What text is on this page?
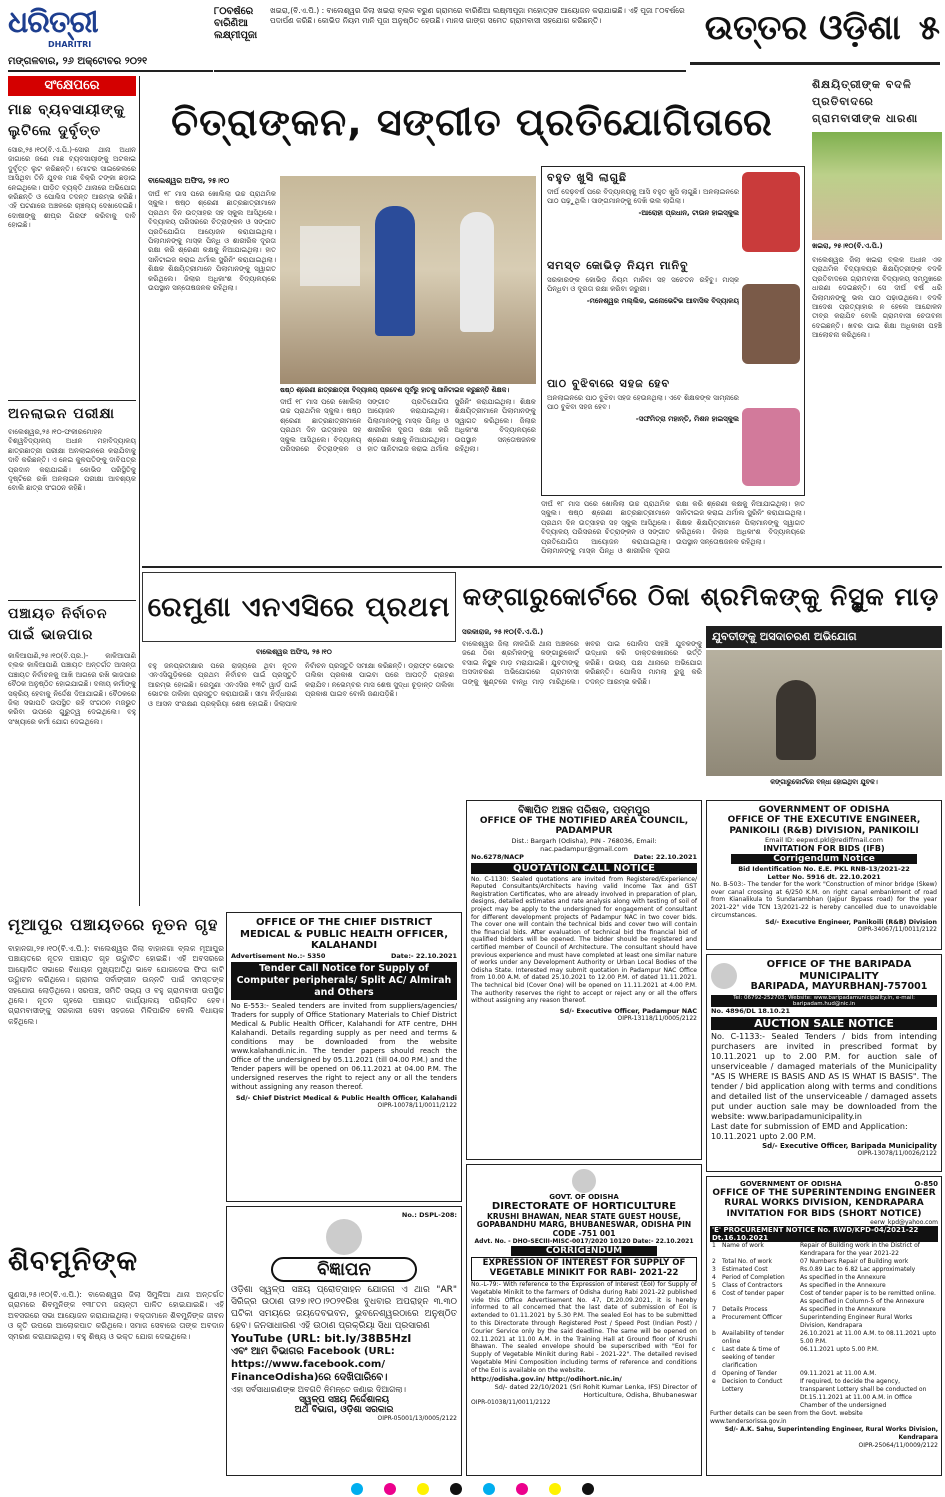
ଧରିତ୍ରୀ
DHARITRI
ମଙ୍ଗଳବାର, ୨୬ ଅକ୍ଟୋବର ୨୦୨୧
୮୦ବର୍ଷରେ ବାରିଣିଆ ଲକ୍ଷ୍ମୀପୂଜା
ଖଇରା,(ବି.ଏ.ପି.) : ବାଲେଶ୍ୱର ଜିଲା ଖଇରା ବ୍ଲକ ବରୁଣ ଗ୍ରାମରେ ବାରିଣିଆ ଲକ୍ଷ୍ମୀପୂଜା ମହୋତ୍ସବ ଆୟୋଜନ କରାଯାଇଛି। ଏହି ପୂଜା ୮୦ବର୍ଷରେ ପଦାର୍ପଣ କରିଛି। କୋଭିଡ ନିୟମ ମାନି ପୂଜା ଅନୁଷ୍ଠିତ ହେଉଛି। ମାନସ ଗାଙ୍ଗ ସମେତ ଗ୍ରାମବାସୀ ସହଯୋଗ କରିଛନ୍ତି।	ଉତ୍ତର ଓଡ଼ିଶା ୫
ସଂକ୍ଷେପରେ
ମାଛ ବ୍ୟବସାୟୀଙ୍କୁ ଲୁଟିଲେ ଦୁର୍ବୃତ୍ତ
ସୋର,୨୫।୧୦(ବି.ଏ.ପି.)-ସୋର ଥାନା ଅଧୀନ ଜାଗାରେ ଜଣେ ମାଛ ବ୍ୟବସାୟୀଙ୍କୁ ଅଟକାଇ ଦୁର୍ବୃତ୍ତ ଲୁଟ କରିଛନ୍ତି। ମୋଟର ସାଇକେଲରେ ଆସିଥିବା ତିନି ଯୁବକ ମାଛ ବିକ୍ରି ଟଙ୍କା ଛଡ଼ାଇ ନେଇଥିଲେ। ପୀଡ଼ିତ ବ୍ୟକ୍ତି ଥାନାରେ ଅଭିଯୋଗ କରିଛନ୍ତି ଓ ପୋଲିସ ତଦନ୍ତ ଆରମ୍ଭ କରିଛି। ଏହି ଘଟଣାରେ ଅଞ୍ଚଳରେ ଚାଞ୍ଚଲ୍ୟ ଦେଖାଦେଇଛି। ଦୋଷୀଙ୍କୁ ଶୀଘ୍ର ଗିରଫ କରିବାକୁ ଦାବି ହୋଇଛି।
ଅନଲାଇନ ପରୀକ୍ଷା
ବାଲେଶ୍ୱର,୨୫।୧୦-ଫକୀରମୋହନ ବିଶ୍ୱବିଦ୍ୟାଳୟ ଅଧୀନ ମହାବିଦ୍ୟାଳୟ ଛାତ୍ରଛାତ୍ରୀ ପରୀକ୍ଷା ଅନଲାଇନରେ କରାଯିବାକୁ ଦାବି କରିଛନ୍ତି। ଏ ନେଇ କୁଳପତିଙ୍କୁ ଦାବିପତ୍ର ପ୍ରଦାନ କରାଯାଇଛି। କୋଭିଡ ପରିସ୍ଥିତିକୁ ଦୃଷ୍ଟିରେ ରଖି ଅନଲାଇନ ପରୀକ୍ଷା ଆବଶ୍ୟକ ବୋଲି ଛାତ୍ର ସଂଗଠନ କହିଛି।
ପଞ୍ଚାୟତ ନିର୍ବାଚନ ପାଇଁ ଭାଜପାର
କାଳିଆପାଣି,୨୫।୧୦(ବି.ପ୍ର.)- କାଳିଆପାଣି ବ୍ଲକ କାଳିଆପାଣି ପଞ୍ଚାୟତ ଅନ୍ତର୍ଗତ ଆସନ୍ତା ପଞ୍ଚାୟତ ନିର୍ବାଚନକୁ ଆଖି ଆଗରେ ରଖି ଭାଜପାର ବୈଠକ ଅନୁଷ୍ଠିତ ହୋଇଯାଇଛି। ଦଳୀୟ କର୍ମୀଙ୍କୁ ସକ୍ରିୟ ହେବାକୁ ନିର୍ଦ୍ଦେଶ ଦିଆଯାଇଛି। ବୈଠକରେ ଜିଲା ସଭାପତି ଉପସ୍ଥିତ ରହି ସଂଗଠନ ମଜଭୁତ କରିବା ଉପରେ ଗୁରୁତ୍ୱ ଦେଇଥିଲେ। ବହୁ ସଂଖ୍ୟାରେ କର୍ମୀ ଯୋଗ ଦେଇଥିଲେ।
ଚିତ୍ରାଙ୍କନ, ସଙ୍ଗୀତ ପ୍ରତିଯୋଗିତାରେ
ବାଲେଶ୍ୱର ଅଫିସ, ୨୫।୧୦
ଦୀର୍ଘ ୧୮ ମାସ ପରେ ଖୋଲିଲା ଉଚ୍ଚ ପ୍ରାଥମିକ ସ୍କୁଲ। ଷଷ୍ଠ ଶ୍ରେଣୀ ଛାତ୍ରଛାତ୍ରୀମାନେ ପ୍ରଥମ ଦିନ ଉତ୍ସାହର ସହ ସ୍କୁଲ ଆସିଥିଲେ। ବିଦ୍ୟାଳୟ ପରିସରରେ ଚିତ୍ରାଙ୍କନ ଓ ସଙ୍ଗୀତ ପ୍ରତିଯୋଗିତା ଆୟୋଜନ କରାଯାଇଥିଲା। ପିଲାମାନଙ୍କୁ ମାସ୍କ ପିନ୍ଧି ଓ ଶାରୀରିକ ଦୂରତା ରକ୍ଷା କରି ଶ୍ରେଣୀ କକ୍ଷକୁ ନିଆଯାଇଥିଲା। ହାତ ସାନିଟାଇଜ କରାଇ ଥର୍ମାଲ ସ୍କ୍ରିନିଂ କରାଯାଇଥିଲା। ଶିକ୍ଷକ ଶିକ୍ଷୟିତ୍ରୀମାନେ ପିଲାମାନଙ୍କୁ ସ୍ୱାଗତ କରିଥିଲେ। ଜିଲାର ଅଧିକାଂଶ ବିଦ୍ୟାଳୟରେ ଉପସ୍ଥାନ ସନ୍ତୋଷଜନକ ରହିଥିଲା।
ଷଷ୍ଠ ଶ୍ରେଣୀ ଛାତ୍ରଛାତ୍ରୀ ବିଦ୍ୟାଳୟ ପ୍ରବେଶ ପୂର୍ବରୁ ହାତକୁ ସାନିଟାଇଜ କରୁଛନ୍ତି ଶିକ୍ଷକ।
ଦୀର୍ଘ ୧୮ ମାସ ପରେ ଖୋଲିଲା ଉଚ୍ଚ ପ୍ରାଥମିକ ସ୍କୁଲ। ଷଷ୍ଠ ଶ୍ରେଣୀ ଛାତ୍ରଛାତ୍ରୀମାନେ ପ୍ରଥମ ଦିନ ଉତ୍ସାହର ସହ ସ୍କୁଲ ଆସିଥିଲେ। ବିଦ୍ୟାଳୟ ପରିସରରେ ଚିତ୍ରାଙ୍କନ ଓ ସଙ୍ଗୀତ ପ୍ରତିଯୋଗିତା ଆୟୋଜନ କରାଯାଇଥିଲା। ପିଲାମାନଙ୍କୁ ମାସ୍କ ପିନ୍ଧି ଓ ଶାରୀରିକ ଦୂରତା ରକ୍ଷା କରି ଶ୍ରେଣୀ କକ୍ଷକୁ ନିଆଯାଇଥିଲା। ହାତ ସାନିଟାଇଜ କରାଇ ଥର୍ମାଲ ସ୍କ୍ରିନିଂ କରାଯାଇଥିଲା। ଶିକ୍ଷକ ଶିକ୍ଷୟିତ୍ରୀମାନେ ପିଲାମାନଙ୍କୁ ସ୍ୱାଗତ କରିଥିଲେ। ଜିଲାର ଅଧିକାଂଶ ବିଦ୍ୟାଳୟରେ ଉପସ୍ଥାନ ସନ୍ତୋଷଜନକ ରହିଥିଲା।
ବହୁତ ଖୁସି ଲାଗୁଛି
ଦୀର୍ଘ ଦେଢ଼ବର୍ଷ ପରେ ବିଦ୍ୟାଳୟକୁ ଆସି ବହୁତ ଖୁସି ଲାଗୁଛି। ଅନଲାଇନରେ ପାଠ ପଢ଼ୁଥିଲି। ସାଙ୍ଗମାନଙ୍କୁ ଦେଖି ଭଲ ଲାଗିଲା।
-ଆରୋହୀ ପ୍ରଧାନ, ଟାଉନ ହାଇସ୍କୁଲ
ସମସ୍ତ କୋଭିଡ଼ ନିୟମ ମାନିବୁ
ସରକାରଙ୍କ କୋଭିଡ଼ ନିୟମ ମାନିବା ସହ ସଚେତନ ରହିବୁ। ମାସ୍କ ପିନ୍ଧିବା ଓ ଦୂରତା ରକ୍ଷା କରିବା ଜରୁରୀ।
-ମନେଶ୍ୱର ମଲ୍ଲିକ, ଇନୋଭେଟିଭ ଆବାସିକ ବିଦ୍ୟାଳୟ
ପାଠ ବୁଝିବାରେ ସହଜ ହେବ
ଅନଲାଇନରେ ପାଠ ବୁଝିବା ସହଜ ହେଉନଥିଲା। ଏବେ ଶିକ୍ଷକଙ୍କ ସାମ୍ନାରେ ପାଠ ବୁଝିବା ସହଜ ହେବ।
-ସଙ୍ଘମିତ୍ରା ମହାନ୍ତି, ମିଶନ ହାଇସ୍କୁଲ
ଦୀର୍ଘ ୧୮ ମାସ ପରେ ଖୋଲିଲା ଉଚ୍ଚ ପ୍ରାଥମିକ ସ୍କୁଲ। ଷଷ୍ଠ ଶ୍ରେଣୀ ଛାତ୍ରଛାତ୍ରୀମାନେ ପ୍ରଥମ ଦିନ ଉତ୍ସାହର ସହ ସ୍କୁଲ ଆସିଥିଲେ। ବିଦ୍ୟାଳୟ ପରିସରରେ ଚିତ୍ରାଙ୍କନ ଓ ସଙ୍ଗୀତ ପ୍ରତିଯୋଗିତା ଆୟୋଜନ କରାଯାଇଥିଲା। ପିଲାମାନଙ୍କୁ ମାସ୍କ ପିନ୍ଧି ଓ ଶାରୀରିକ ଦୂରତା ରକ୍ଷା କରି ଶ୍ରେଣୀ କକ୍ଷକୁ ନିଆଯାଇଥିଲା। ହାତ ସାନିଟାଇଜ କରାଇ ଥର୍ମାଲ ସ୍କ୍ରିନିଂ କରାଯାଇଥିଲା। ଶିକ୍ଷକ ଶିକ୍ଷୟିତ୍ରୀମାନେ ପିଲାମାନଙ୍କୁ ସ୍ୱାଗତ କରିଥିଲେ। ଜିଲାର ଅଧିକାଂଶ ବିଦ୍ୟାଳୟରେ ଉପସ୍ଥାନ ସନ୍ତୋଷଜନକ ରହିଥିଲା।
ଶିକ୍ଷୟିତ୍ରୀଙ୍କ ବଦଳି ପ୍ରତିବାଦରେ ଗ୍ରାମବାସୀଙ୍କ ଧାରଣା
ଖଇରା, ୨୫।୧୦(ବି.ଏ.ପି.)
ବାଲେଶ୍ୱର ଜିଲା ଖଇରା ବ୍ଲକ ଅଧୀନ ଏକ ପ୍ରାଥମିକ ବିଦ୍ୟାଳୟର ଶିକ୍ଷୟିତ୍ରୀଙ୍କ ବଦଳି ପ୍ରତିବାଦରେ ଗ୍ରାମବାସୀ ବିଦ୍ୟାଳୟ ସମ୍ମୁଖରେ ଧାରଣା ଦେଇଛନ୍ତି। ସେ ଦୀର୍ଘ ବର୍ଷ ଧରି ପିଲାମାନଙ୍କୁ ଭଲ ପାଠ ପଢ଼ାଉଥିଲେ। ବଦଳି ଆଦେଶ ପ୍ରତ୍ୟାହାର ନ ହେଲେ ଆନ୍ଦୋଳନ ତୀବ୍ର କରାଯିବ ବୋଲି ଗ୍ରାମବାସୀ ଚେତାବନୀ ଦେଇଛନ୍ତି। ଖବର ପାଇ ଶିକ୍ଷା ଅଧିକାରୀ ପହଞ୍ଚି ଆଲୋଚନା କରିଥିଲେ।
ରେମୁଣା ଏନଏସିରେ ପ୍ରଥମ
ବାଲେଶ୍ୱର ଅଫିସ, ୨୫।୧୦
ବହୁ ଜନପ୍ରତୀକ୍ଷାର ପରେ ରାଜ୍ୟରେ ଥିବା ନୂତନ ଏନଏସିଗୁଡ଼ିକରେ ପ୍ରଥମ ନିର୍ବାଚନ ପାଇଁ ପ୍ରସ୍ତୁତି ଆରମ୍ଭ ହୋଇଛି। ରେମୁଣା ଏନଏସିର ୧୩ଟି ୱାର୍ଡ ପାଇଁ ଭୋଟର ତାଲିକା ପ୍ରସ୍ତୁତ କରାଯାଉଛି। ସୀମା ନିର୍ଦ୍ଧାରଣ ଓ ଆସନ ସଂରକ୍ଷଣ ପ୍ରକ୍ରିୟା ଶେଷ ହୋଇଛି। ଜିଲାପାଳ ନିର୍ବାଚନ ପ୍ରସ୍ତୁତି ସମୀକ୍ଷା କରିଛନ୍ତି। ଡ୍ରାଫ୍ଟ ଭୋଟର ତାଲିକା ପ୍ରକାଶ ପାଇବା ପରେ ଆପତ୍ତି ଗ୍ରହଣ କରାଯିବ। ନଭେମ୍ବର ମାସ ଶେଷ ସୁଦ୍ଧା ଚୂଡ଼ାନ୍ତ ତାଲିକା ପ୍ରକାଶ ପାଇବ ବୋଲି ଜଣାପଡ଼ିଛି।
କଙ୍ଗାରୁକୋର୍ଟରେ ଠିକା ଶ୍ରମିକଙ୍କୁ ନିସ୍ଥୁକ ମାଡ଼
ସରକାରାଜ, ୨୫।୧୦(ବି.ଏ.ପି.)
ବାଲେଶ୍ୱର ଜିଲା ନୀଳଗିରି ଥାନା ଅଞ୍ଚଳରେ ଜଣେ ଠିକା ଶ୍ରମିକଙ୍କୁ କଙ୍ଗାରୁକୋର୍ଟ ବସାଇ ନିସ୍ଥୁକ ମାଡ଼ ମରାଯାଇଛି। ଯୁବତୀଙ୍କୁ ଅସଦାଚରଣ ଅଭିଯୋଗରେ ଗ୍ରାମବାସୀ ତାଙ୍କୁ ଖୁଣ୍ଟରେ ବାନ୍ଧି ମାଡ଼ ମାରିଥିଲେ। ଖବର ପାଇ ପୋଲିସ ପହଞ୍ଚି ଯୁବକଙ୍କୁ ଉଦ୍ଧାର କରି ଡାକ୍ତରଖାନାରେ ଭର୍ତ୍ତି କରିଛି। ଉଭୟ ପକ୍ଷ ଥାନାରେ ଅଭିଯୋଗ କରିଛନ୍ତି। ପୋଲିସ ମାମଲା ରୁଜୁ କରି ତଦନ୍ତ ଆରମ୍ଭ କରିଛି।
ଯୁବତୀଙ୍କୁ ଅସଦାଚରଣ ଅଭିଯୋଗ
କଙ୍ଗାରୁକୋର୍ଟରେ ବନ୍ଧା ହୋଇଥିବା ଯୁବକ।
ବିଜ୍ଞାପିତ ଅଞ୍ଚଳ ପରିଷଦ, ପଦ୍ମପୁର
OFFICE OF THE NOTIFIED AREA COUNCIL, PADAMPUR
Dist.: Bargarh (Odisha), PIN - 768036, Email: nac.padampur@gmail.com
No.6278/NACP	Date: 22.10.2021
QUOTATION CALL NOTICE
No. C-1130: Sealed quotations are invited from Registered/Experience/ Reputed Consultants/Architects having valid Income Tax and GST Registration Certificates, who are already involved in preparation of plan, designs, detailed estimates and rate analysis along with testing of soil of project may be apply to the undersigned for engagement of consultant for different development projects of Padampur NAC in two cover bids. The cover one will contain the technical bids and cover two will contain the financial bids. After evaluation of technical bid the financial bid of qualified bidders will be opened. The bidder should be registered and certified member of Council of Architecture. The consultant should have previous experience and must have completed at least one similar nature of works under any Development Authority or Urban Local Bodies of the Odisha State. Interested may submit quotation in Padampur NAC Office from 10.00 A.M. of dated 25.10.2021 to 12.00 P.M. of dated 11.11.2021. The technical bid (Cover One) will be opened on 11.11.2021 at 4.00 P.M. The authority reserves the right to accept or reject any or all the offers without assigning any reason thereof.
Sd/- Executive Officer, Padampur NAC
OIPR-13118/11/0005/2122
GOVERNMENT OF ODISHA
OFFICE OF THE EXECUTIVE ENGINEER, PANIKOILI (R&B) DIVISION, PANIKOILI
Email ID: eepwd.pkl@rediffmail.com
INVITATION FOR BIDS (IFB)
Corrigendum Notice
Bid Identification No. E.E. PKL RNB-13/2021-22
Letter No. 5916 dt. 22.10.2021
No. B-503:- The tender for the work "Construction of minor bridge (Skew) over canal crossing at 6/250 K.M. on right canal embankment of road from Kianalikula to Sundarambhan (Jajpur Bypass road) for the year 2021-22" vide TCN 13/2021-22 is hereby cancelled due to unavoidable circumstances.
Sd/- Executive Engineer, Panikoili (R&B) Division
OIPR-34067/11/0011/2122
OFFICE OF THE BARIPADA MUNICIPALITY
BARIPADA, MAYURBHANJ-757001
Tel: 06792-252703; Website: www.baripadamunicipality.in, e-mail: baripadam.hud@nic.in
No. 4896/DL 18.10.21
AUCTION SALE NOTICE
No. C-1133:- Sealed Tenders / bids from intending purchasers are invited in prescribed format by 10.11.2021 up to 2.00 P.M. for auction sale of unserviceable / damaged materials of the Municipality "AS IS WHERE IS BASIS AND AS IS WHAT IS BASIS". The tender / bid application along with terms and conditions and detailed list of the unserviceable / damaged assets put under auction sale may be downloaded from the website: www.baripadamunicipality.in
Last date for submission of EMD and Application: 10.11.2021 upto 2.00 P.M.
Sd/- Executive Officer, Baripada Municipality
OIPR-13078/11/0026/2122
ମୂଆପୁର ପଞ୍ଚାୟତରେ ନୂତନ ଗୃହ
ବାହାନଗା,୨୫।୧୦(ବି.ଏ.ପି.): ବାଲେଶ୍ୱର ଜିଲା ବାହାନଗା ବ୍ଲକ ମୂଆପୁର ପଞ୍ଚାୟତରେ ନୂତନ ପଞ୍ଚାୟତ ଗୃହ ଉଦ୍ଘାଟିତ ହୋଇଛି। ଏହି ଅବସରରେ ଆୟୋଜିତ ସଭାରେ ବିଧାୟକ ମୁଖ୍ୟଅତିଥି ଭାବେ ଯୋଗଦେଇ ଫିତା କାଟି ଉଦ୍ଘାଟନ କରିଥିଲେ। ଗ୍ରାମର ସର୍ବାଙ୍ଗୀନ ଉନ୍ନତି ପାଇଁ ସମସ୍ତଙ୍କ ସହଯୋଗ ଲୋଡ଼ିଥିଲେ। ସରପଞ୍ଚ, ସମିତି ସଭ୍ୟ ଓ ବହୁ ଗ୍ରାମବାସୀ ଉପସ୍ଥିତ ଥିଲେ। ନୂତନ ଗୃହରେ ପଞ୍ଚାୟତ କାର୍ଯ୍ୟାଳୟ ପରିଚାଳିତ ହେବ। ଗ୍ରାମବାସୀଙ୍କୁ ସରକାରୀ ସେବା ସହଜରେ ମିଳିପାରିବ ବୋଲି ବିଧାୟକ କହିଥିଲେ।
OFFICE OF THE CHIEF DISTRICT MEDICAL & PUBLIC HEALTH OFFICER, KALAHANDI
Advertisement No.:- 5350	Date:- 22.10.2021
Tender Call Notice for Supply of Computer peripherals/ Split AC/ Almirah and Others
No E-553:- Sealed tenders are invited from suppliers/agencies/ Traders for supply of Office Stationary Materials to Chief District Medical & Public Health Officer, Kalahandi for ATF centre, DHH Kalahandi. Details regarding supply as per need and terms & conditions may be downloaded from the website www.kalahandi.nic.in. The tender papers should reach the Office of the undersigned by 05.11.2021 (till 04.00 P.M.) and the Tender papers will be opened on 06.11.2021 at 04.00 P.M. The undersigned reserves the right to reject any or all the tenders without assigning any reason thereof.
Sd/- Chief District Medical & Public Health Officer, Kalahandi
OIPR-10078/11/0011/2122
No.: DSPL-208:
ବିଜ୍ଞାପନ
ଓଡ଼ିଶା ସ୍ୱଳ୍ପ ସଞ୍ଚୟ ପ୍ରୋତ୍ସାହନ ଯୋଜନା ଏ ଥାର "AR" ସିରିଜ୍ର ଉଠାଣ ତା୨୭।୧୦।୨୦୨୧ରିଖ ବୁଧବାର ଅପରାହ୍ନ ୩.୩୦ ଘଟିକା ସମୟରେ ଜୟଦେବଭବନ, ଭୁବନେଶ୍ୱରଠାରେ ଅନୁଷ୍ଠିତ ହେବ। ଜନସାଧାରଣ ଏହି ଉଠାଣ ପ୍ରକ୍ରିୟା ସିଧା ପ୍ରସାରଣ
YouTube (URL: bit.ly/38B5HzI
ଏବଂ ଆମ ବିଭାଗର Facebook (URL: https://www.facebook.com/
FinanceOdisha)ରେ ଦେଖିପାରିବେ।
ଏହା ସର୍ବସାଧାରଣଙ୍କ ଅବଗତି ନିମନ୍ତେ ଜଣାଇ ଦିଆଗଲା।
ସ୍ୱଳ୍ପ ସଞ୍ଚୟ ନିର୍ଦ୍ଦେଶାଳୟ
ଅର୍ଥ ବିଭାଗ, ଓଡ଼ିଶା ସରକାର
OIPR-05001/13/0005/2122
GOVT. OF ODISHA
DIRECTORATE OF HORTICULTURE
KRUSHI BHAWAN, NEAR STATE GUEST HOUSE, GOPABANDHU MARG, BHUBANESWAR, ODISHA PIN CODE -751 001
Advt. No. - DHO-SECIII-MISC-0017/2020 10120 Date:- 22.10.2021
CORRIGENDUM
EXPRESSION OF INTEREST FOR SUPPLY OF VEGETABLE MINIKIT FOR RABI- 2021-22
No.-L-79:- With reference to the Expression of Interest (EoI) for Supply of Vegetable Minikit to the farmers of Odisha during Rabi 2021-22 published vide this Office Advertisement No. 47, Dt.20.09.2021, it is hereby informed to all concerned that the last date of submission of EoI is extended to 01.11.2021 by 5.30 P.M. The sealed EoI has to be submitted to this Directorate through Registered Post / Speed Post (Indian Post) / Courier Service only by the said deadline. The same will be opened on 02.11.2021 at 11.00 A.M. in the Training Hall at Ground floor of Krushi Bhawan. The sealed envelope should be superscribed with "EoI for Supply of Vegetable Minikit during Rabi - 2021-22". The detailed revised Vegetable Mini Composition including terms of reference and conditions of the EoI is available on the website.
http://odisha.gov.in/ http://odihort.nic.in/
Sd/- dated 22/10/2021 (Sri Rohit Kumar Lenka, IFS) Director of Horticulture, Odisha, Bhubaneswar
OIPR-01038/11/0011/2122
GOVERNMENT OF ODISHA	O-850
OFFICE OF THE SUPERINTENDING ENGINEER RURAL WORKS DIVISION, KENDRAPARA
INVITATION FOR BIDS (SHORT NOTICE)
eerw_kpd@yahoo.com
'E' PROCUREMENT NOTICE No. RWD/KPD-04/2021-22 Dt.16.10.2021
1	Name of work	Repair of Building work in the District of Kendrapara for the year 2021-22
2	Total No. of work	07 Numbers Repair of Building work
3	Estimated Cost	Rs.0.89 Lac to 6.82 Lac approximately
4	Period of Completion	As specified in the Annexure
5	Class of Contractors	As specified in the Annexure
6	Cost of tender paper	Cost of tender paper is to be remitted online. As specified in Column-5 of the Annexure
7	Details Process	As specified in the Annexure
a	Procurement Officer	Superintending Engineer Rural Works Division, Kendrapara
b	Availability of tender online	26.10.2021 at 11.00 A.M. to 08.11.2021 upto 5.00 P.M.
c	Last date & time of seeking of tender clarification	06.11.2021 upto 5.00 P.M.
d	Opening of Tender	09.11.2021 at 11.00 A.M.
e	Decision to Conduct Lottery	If required, to decide the agency, transparent Lottery shall be conducted on Dt.15.11.2021 at 11.00 A.M. in Office Chamber of the undersigned
Further details can be seen from the Govt. website www.tendersorissa.gov.in
Sd/- A.K. Sahu, Superintending Engineer, Rural Works Division, Kendrapara
OIPR-25064/11/0009/2122
ଶିବମୁନିଙ୍କ
ଗୁଣସା,୨୫।୧୦(ବି.ଏ.ପି.): ବାଲେଶ୍ୱର ଜିଲା ସିମୁଳିଆ ଥାନା ଅନ୍ତର୍ଗତ ଗ୍ରାମରେ ଶିବମୁନିଙ୍କ ୧୩୮ତମ ଜୟନ୍ତୀ ପାଳିତ ହୋଇଯାଇଛି। ଏହି ଅବସରରେ ସଭା ଆୟୋଜନ କରାଯାଇଥିଲା। ବକ୍ତାମାନେ ଶିବମୁନିଙ୍କ ଜୀବନ ଓ କୃତି ଉପରେ ଆଲୋକପାତ କରିଥିଲେ। ସମାଜ ସେବାରେ ତାଙ୍କ ଅବଦାନ ସ୍ମରଣ କରାଯାଇଥିଲା। ବହୁ ଶିଷ୍ୟ ଓ ଭକ୍ତ ଯୋଗ ଦେଇଥିଲେ।
